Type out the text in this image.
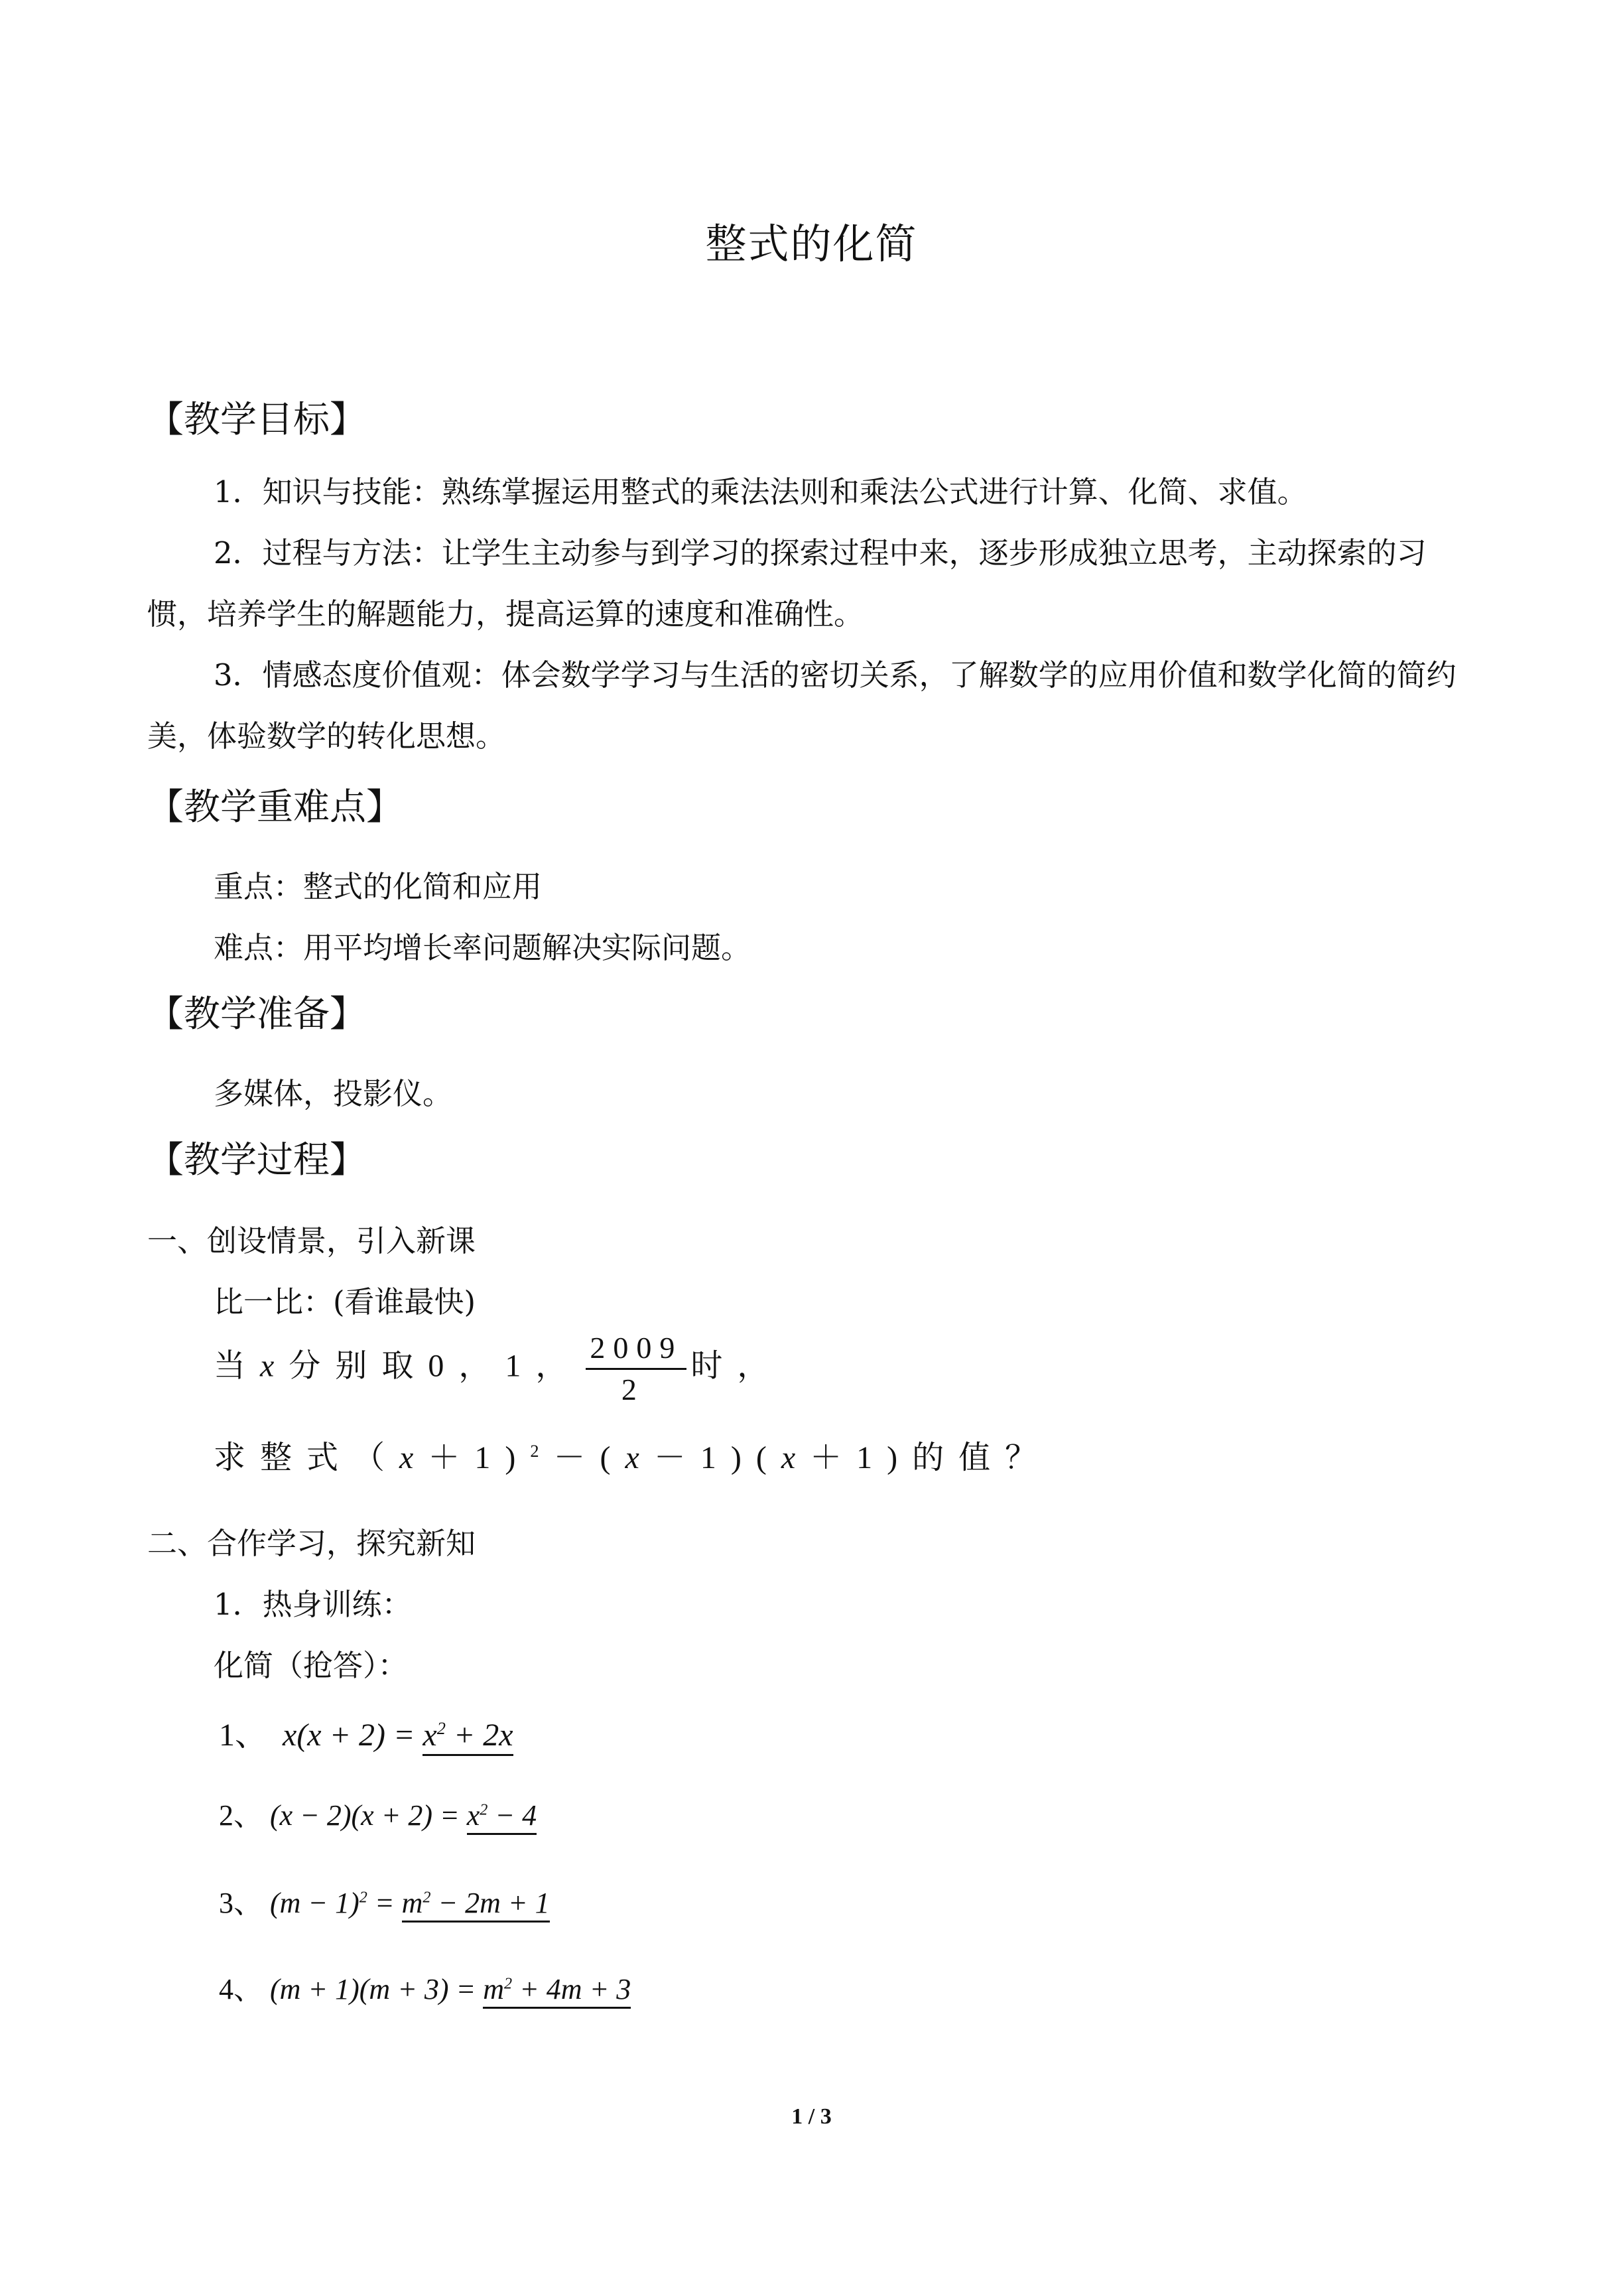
整式的化简
【教学目标】
1．知识与技能：熟练掌握运用整式的乘法法则和乘法公式进行计算、化简、求值。
2．过程与方法：让学生主动参与到学习的探索过程中来，逐步形成独立思考，主动探索的习惯，培养学生的解题能力，提高运算的速度和准确性。
3．情感态度价值观：体会数学学习与生活的密切关系，了解数学的应用价值和数学化简的简约美，体验数学的转化思想。
【教学重难点】
重点：整式的化简和应用
难点：用平均增长率问题解决实际问题。
【教学准备】
多媒体，投影仪。
【教学过程】
一、创设情景，引入新课
比一比：(看谁最快)
当x分别取0，1， $\frac{2009}{2}$ 时，
求整式（x＋1)$^2$－(x－1)(x＋1)的值？
二、合作学习，探究新知
1．热身训练：
化简（抢答）：
1、 $x(x + 2) = x^2 + 2x$
2、 $(x - 2)(x + 2) = x^2 - 4$
3、 $(m - 1)^2 = m^2 - 2m + 1$
4、 $(m + 1)(m + 3) = m^2 + 4m + 3$
1 / 3
